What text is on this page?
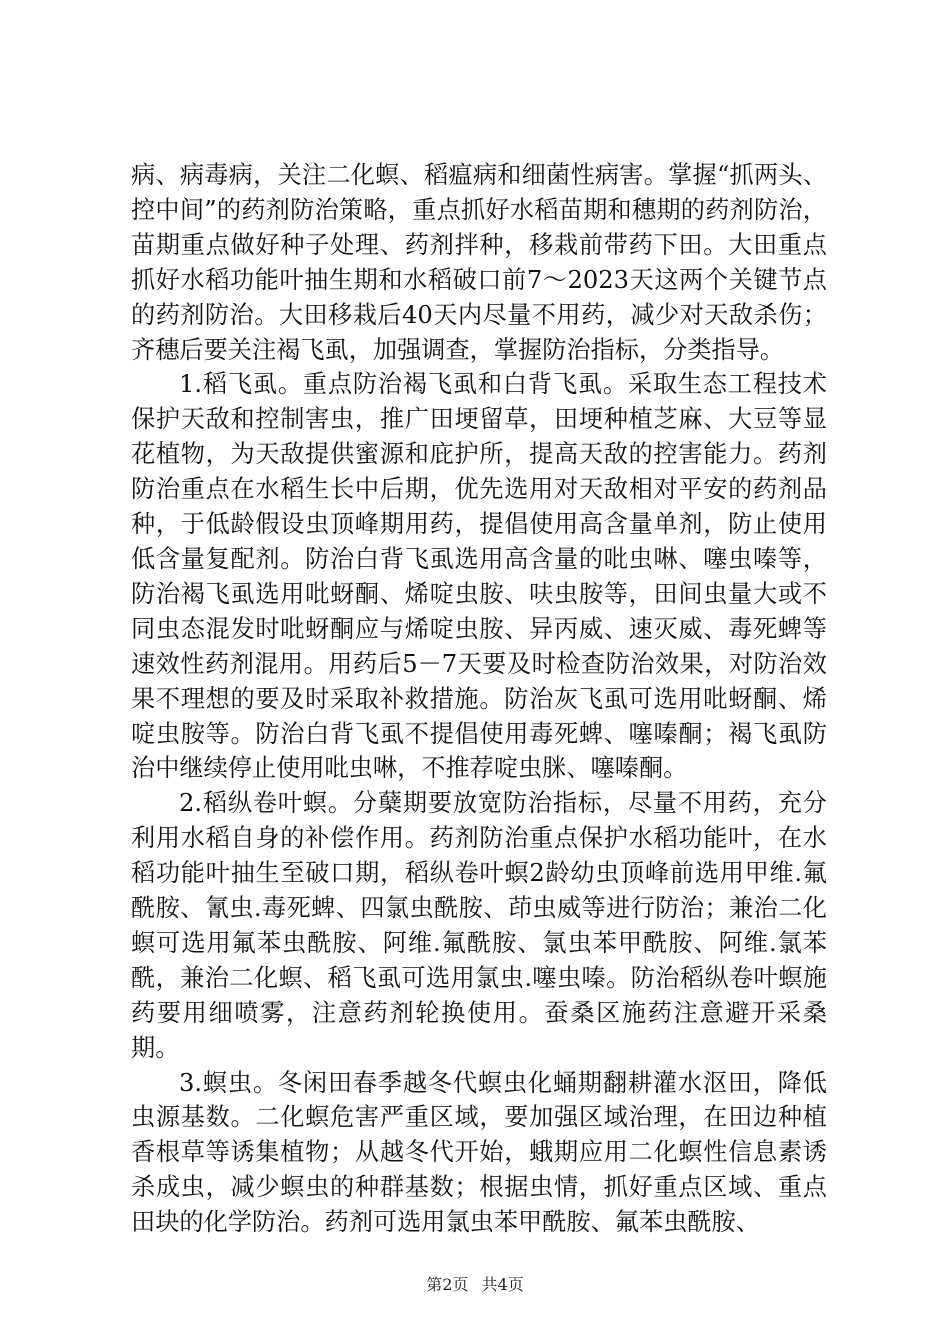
病、病毒病，关注二化螟、稻瘟病和细菌性病害。掌握“抓两头、控中间”的药剂防治策略，重点抓好水稻苗期和穗期的药剂防治，苗期重点做好种子处理、药剂拌种，移栽前带药下田。大田重点抓好水稻功能叶抽生期和水稻破口前7～2023天这两个关键节点的药剂防治。大田移栽后40天内尽量不用药，减少对天敌杀伤；齐穗后要关注褐飞虱，加强调查，掌握防治指标，分类指导。

1.稻飞虱。重点防治褐飞虱和白背飞虱。采取生态工程技术保护天敌和控制害虫，推广田埂留草，田埂种植芝麻、大豆等显花植物，为天敌提供蜜源和庇护所，提高天敌的控害能力。药剂防治重点在水稻生长中后期，优先选用对天敌相对平安的药剂品种，于低龄假设虫顶峰期用药，提倡使用高含量单剂，防止使用低含量复配剂。防治白背飞虱选用高含量的吡虫啉、噻虫嗪等，防治褐飞虱选用吡蚜酮、烯啶虫胺、呋虫胺等，田间虫量大或不同虫态混发时吡蚜酮应与烯啶虫胺、异丙威、速灭威、毒死蜱等速效性药剂混用。用药后5－7天要及时检查防治效果，对防治效果不理想的要及时采取补救措施。防治灰飞虱可选用吡蚜酮、烯啶虫胺等。防治白背飞虱不提倡使用毒死蜱、噻嗪酮；褐飞虱防治中继续停止使用吡虫啉，不推荐啶虫脒、噻嗪酮。

2.稻纵卷叶螟。分蘖期要放宽防治指标，尽量不用药，充分利用水稻自身的补偿作用。药剂防治重点保护水稻功能叶，在水稻功能叶抽生至破口期，稻纵卷叶螟2龄幼虫顶峰前选用甲维.氟酰胺、氰虫.毒死蜱、四氯虫酰胺、茚虫威等进行防治；兼治二化螟可选用氟苯虫酰胺、阿维.氟酰胺、氯虫苯甲酰胺、阿维.氯苯酰，兼治二化螟、稻飞虱可选用氯虫.噻虫嗪。防治稻纵卷叶螟施药要用细喷雾，注意药剂轮换使用。蚕桑区施药注意避开采桑期。

3.螟虫。冬闲田春季越冬代螟虫化蛹期翻耕灌水沤田，降低虫源基数。二化螟危害严重区域，要加强区域治理，在田边种植香根草等诱集植物；从越冬代开始，蛾期应用二化螟性信息素诱杀成虫，减少螟虫的种群基数；根据虫情，抓好重点区域、重点田块的化学防治。药剂可选用氯虫苯甲酰胺、氟苯虫酰胺、

第2页 共4页
